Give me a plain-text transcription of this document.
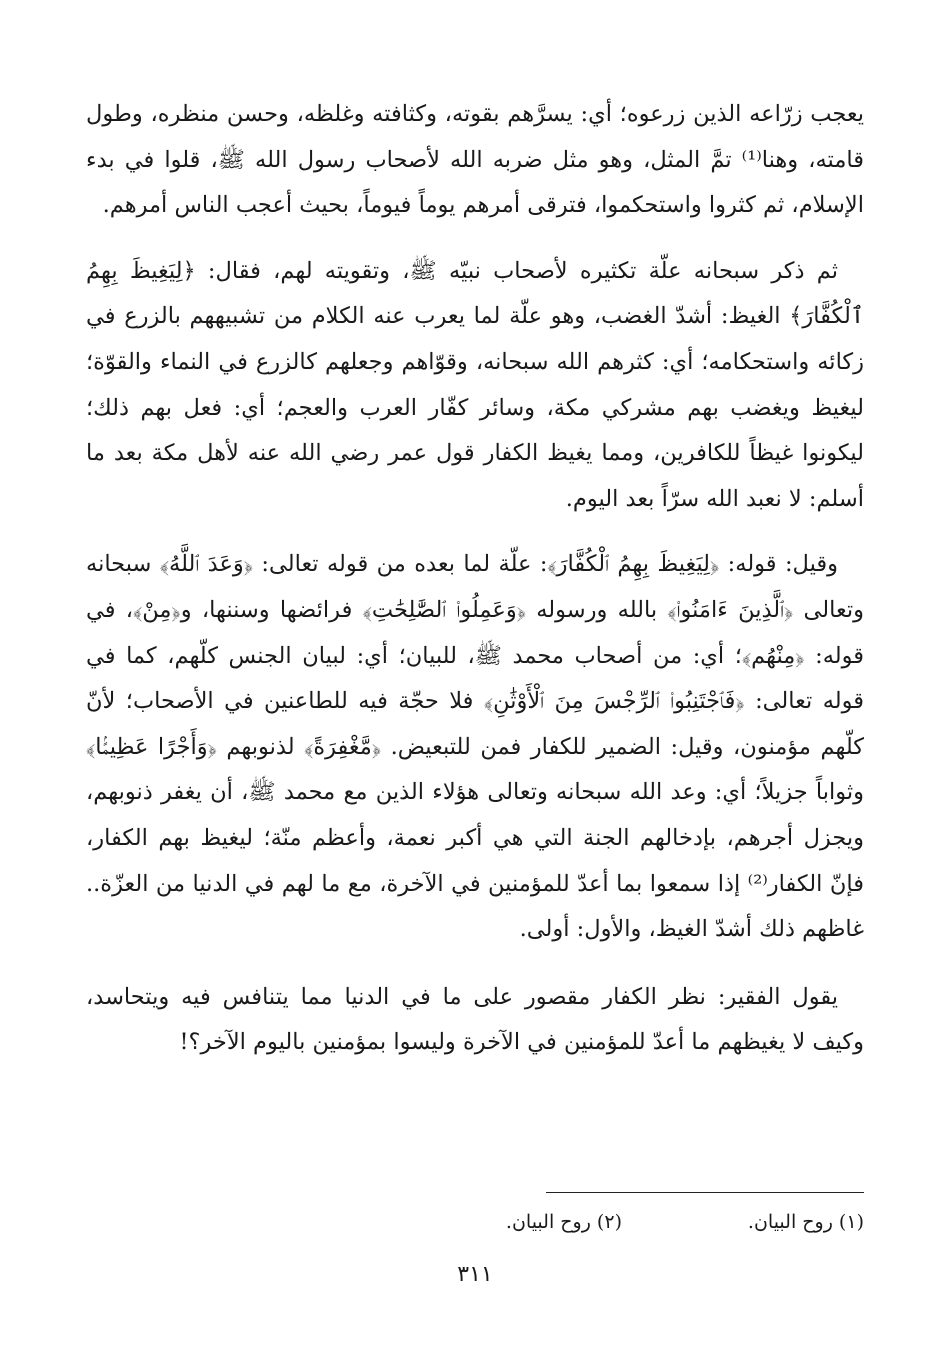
يعجب زرّاعه الذين زرعوه؛ أي: يسرَّهم بقوته، وكثافته وغلظه، وحسن منظره، وطول قامته، وهنا⁽¹⁾ تمَّ المثل، وهو مثل ضربه الله لأصحاب رسول الله ﷺ، قلوا في بدء الإسلام، ثم كثروا واستحكموا، فترقى أمرهم يوماً فيوماً، بحيث أعجب الناس أمرهم.

ثم ذكر سبحانه علّة تكثيره لأصحاب نبيّه ﷺ، وتقويته لهم، فقال: ﴿لِيَغِيظَ بِهِمُ ٱلْكُفَّارَ﴾ الغيظ: أشدّ الغضب، وهو علّة لما يعرب عنه الكلام من تشبيههم بالزرع في زكائه واستحكامه؛ أي: كثرهم الله سبحانه، وقوّاهم وجعلهم كالزرع في النماء والقوّة؛ ليغيظ ويغضب بهم مشركي مكة، وسائر كفّار العرب والعجم؛ أي: فعل بهم ذلك؛ ليكونوا غيظاً للكافرين، ومما يغيظ الكفار قول عمر رضي الله عنه لأهل مكة بعد ما أسلم: لا نعبد الله سرّاً بعد اليوم.

وقيل: قوله: ﴿لِيَغِيظَ بِهِمُ ٱلْكُفَّارَ﴾: علّة لما بعده من قوله تعالى: ﴿وَعَدَ ٱللَّهُ﴾ سبحانه وتعالى ﴿ٱلَّذِينَ ءَامَنُوا۟﴾ بالله ورسوله ﴿وَعَمِلُوا۟ ٱلصَّٰلِحَٰتِ﴾ فرائضها وسننها، و﴿مِنْ﴾، في قوله: ﴿مِنْهُم﴾؛ أي: من أصحاب محمد ﷺ، للبيان؛ أي: لبيان الجنس كلّهم، كما في قوله تعالى: ﴿فَٱجْتَنِبُوا۟ ٱلرِّجْسَ مِنَ ٱلْأَوْثَٰنِ﴾ فلا حجّة فيه للطاعنين في الأصحاب؛ لأنّ كلّهم مؤمنون، وقيل: الضمير للكفار فمن للتبعيض. ﴿مَّغْفِرَةً﴾ لذنوبهم ﴿وَأَجْرًا عَظِيمًۢا﴾ وثواباً جزيلاً؛ أي: وعد الله سبحانه وتعالى هؤلاء الذين مع محمد ﷺ، أن يغفر ذنوبهم، ويجزل أجرهم، بإدخالهم الجنة التي هي أكبر نعمة، وأعظم منّة؛ ليغيظ بهم الكفار، فإنّ الكفار⁽²⁾ إذا سمعوا بما أعدّ للمؤمنين في الآخرة، مع ما لهم في الدنيا من العزّة.. غاظهم ذلك أشدّ الغيظ، والأول: أولى.

يقول الفقير: نظر الكفار مقصور على ما في الدنيا مما يتنافس فيه ويتحاسد، وكيف لا يغيظهم ما أعدّ للمؤمنين في الآخرة وليسوا بمؤمنين باليوم الآخر؟!

(١) روح البيان.
(٢) روح البيان.
٣١١
